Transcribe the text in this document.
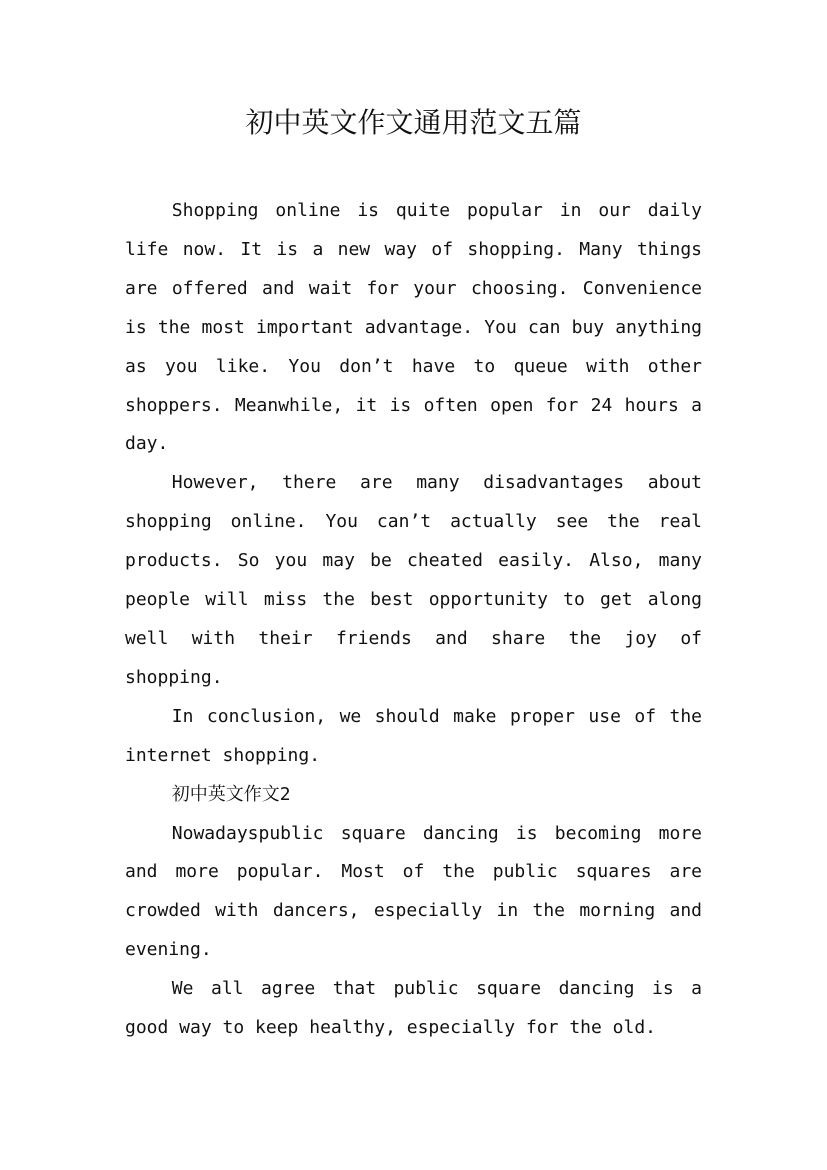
初中英文作文通用范文五篇

Shopping online is quite popular in our daily life now. It is a new way of shopping. Many things are offered and wait for your choosing. Convenience is the most important advantage. You can buy anything as you like. You don’t have to queue with other shoppers. Meanwhile, it is often open for 24 hours a day.

However, there are many disadvantages about shopping online. You can’t actually see the real products. So you may be cheated easily. Also, many people will miss the best opportunity to get along well with their friends and share the joy of shopping.

In conclusion, we should make proper use of the internet shopping.

初中英文作文2

Nowadayspublic square dancing is becoming more and more popular. Most of the public squares are crowded with dancers, especially in the morning and evening.

We all agree that public square dancing is a good way to keep healthy, especially for the old.
